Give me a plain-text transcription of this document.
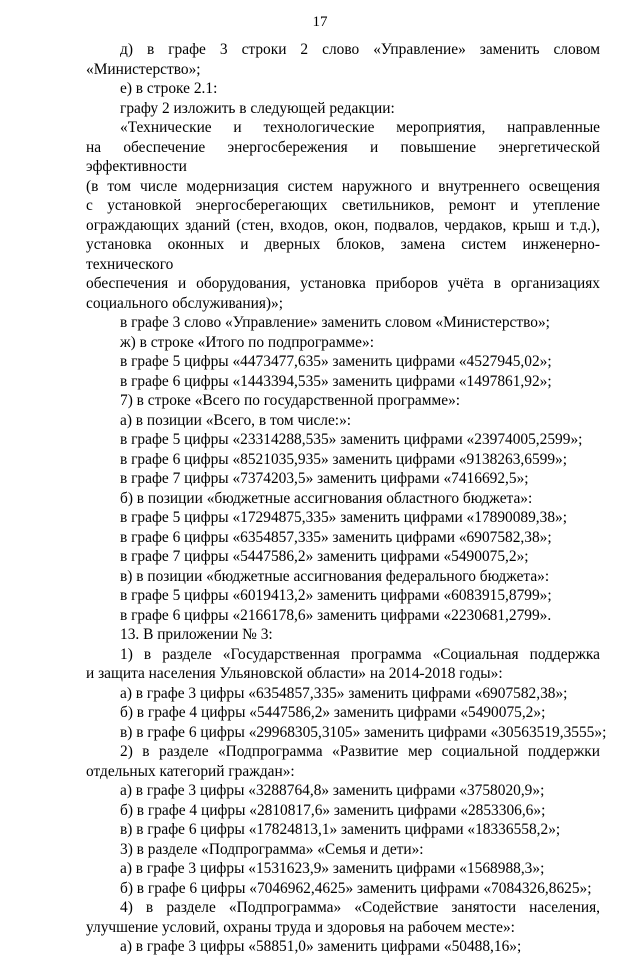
17
д) в графе 3 строки 2 слово «Управление» заменить словом
«Министерство»;
е) в строке 2.1:
графу 2 изложить в следующей редакции:
«Технические и технологические мероприятия, направленные
на обеспечение энергосбережения и повышение энергетической эффективности
(в том числе модернизация систем наружного и внутреннего освещения
с установкой энергосберегающих светильников, ремонт и утепление
ограждающих зданий (стен, входов, окон, подвалов, чердаков, крыш и т.д.),
установка оконных и дверных блоков, замена систем инженерно-технического
обеспечения и оборудования, установка приборов учёта в организациях
социального обслуживания)»;
в графе 3 слово «Управление» заменить словом «Министерство»;
ж) в строке «Итого по подпрограмме»:
в графе 5 цифры «4473477,635» заменить цифрами «4527945,02»;
в графе 6 цифры «1443394,535» заменить цифрами «1497861,92»;
7) в строке «Всего по государственной программе»:
а) в позиции «Всего, в том числе:»:
в графе 5 цифры «23314288,535» заменить цифрами «23974005,2599»;
в графе 6 цифры «8521035,935» заменить цифрами «9138263,6599»;
в графе 7 цифры «7374203,5» заменить цифрами «7416692,5»;
б) в позиции «бюджетные ассигнования областного бюджета»:
в графе 5 цифры «17294875,335» заменить цифрами «17890089,38»;
в графе 6 цифры «6354857,335» заменить цифрами «6907582,38»;
в графе 7 цифры «5447586,2» заменить цифрами «5490075,2»;
в) в позиции «бюджетные ассигнования федерального бюджета»:
в графе 5 цифры «6019413,2» заменить цифрами «6083915,8799»;
в графе 6 цифры «2166178,6» заменить цифрами «2230681,2799».
13. В приложении № 3:
1) в разделе «Государственная программа «Социальная поддержка
и защита населения Ульяновской области» на 2014-2018 годы»:
а) в графе 3 цифры «6354857,335» заменить цифрами «6907582,38»;
б) в графе 4 цифры «5447586,2» заменить цифрами «5490075,2»;
в) в графе 6 цифры «29968305,3105» заменить цифрами «30563519,3555»;
2) в разделе «Подпрограмма «Развитие мер социальной поддержки
отдельных категорий граждан»:
а) в графе 3 цифры «3288764,8» заменить цифрами «3758020,9»;
б) в графе 4 цифры «2810817,6» заменить цифрами «2853306,6»;
в) в графе 6 цифры «17824813,1» заменить цифрами «18336558,2»;
3) в разделе «Подпрограмма» «Семья и дети»:
а) в графе 3 цифры «1531623,9» заменить цифрами «1568988,3»;
б) в графе 6 цифры «7046962,4625» заменить цифрами «7084326,8625»;
4) в разделе «Подпрограмма» «Содействие занятости населения,
улучшение условий, охраны труда и здоровья на рабочем месте»:
а) в графе 3 цифры «58851,0» заменить цифрами «50488,16»;
